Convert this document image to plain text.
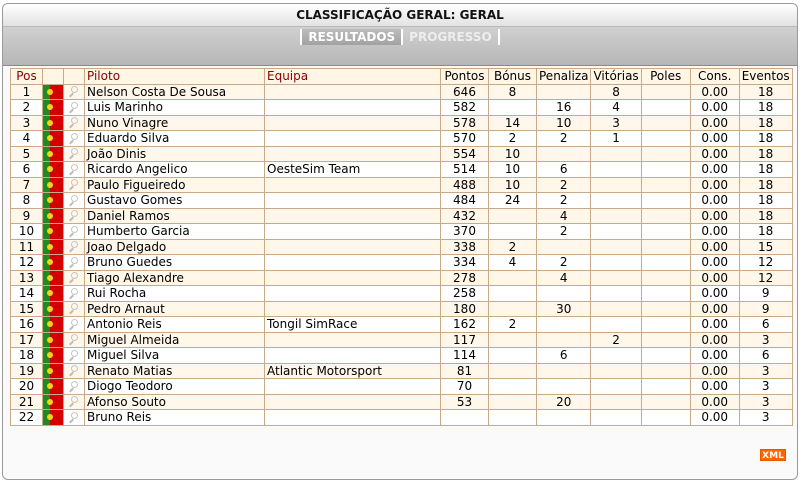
CLASSIFICAÇÃO GERAL: GERAL
RESULTADOS PROGRESSO
Pos			Piloto	Equipa	Pontos	Bónus	Penaliza	Vitórias	Poles	Cons.	Eventos
1			Nelson Costa De Sousa		646	8		8		0.00	18
2			Luis Marinho		582		16	4		0.00	18
3			Nuno Vinagre		578	14	10	3		0.00	18
4			Eduardo Silva		570	2	2	1		0.00	18
5			João Dinis		554	10				0.00	18
6			Ricardo Angelico	OesteSim Team	514	10	6			0.00	18
7			Paulo Figueiredo		488	10	2			0.00	18
8			Gustavo Gomes		484	24	2			0.00	18
9			Daniel Ramos		432		4			0.00	18
10			Humberto Garcia		370		2			0.00	18
11			Joao Delgado		338	2				0.00	15
12			Bruno Guedes		334	4	2			0.00	12
13			Tiago Alexandre		278		4			0.00	12
14			Rui Rocha		258					0.00	9
15			Pedro Arnaut		180		30			0.00	9
16			Antonio Reis	Tongil SimRace	162	2				0.00	6
17			Miguel Almeida		117			2		0.00	3
18			Miguel Silva		114		6			0.00	6
19			Renato Matias	Atlantic Motorsport	81					0.00	3
20			Diogo Teodoro		70					0.00	3
21			Afonso Souto		53		20			0.00	3
22			Bruno Reis							0.00	3
XML
